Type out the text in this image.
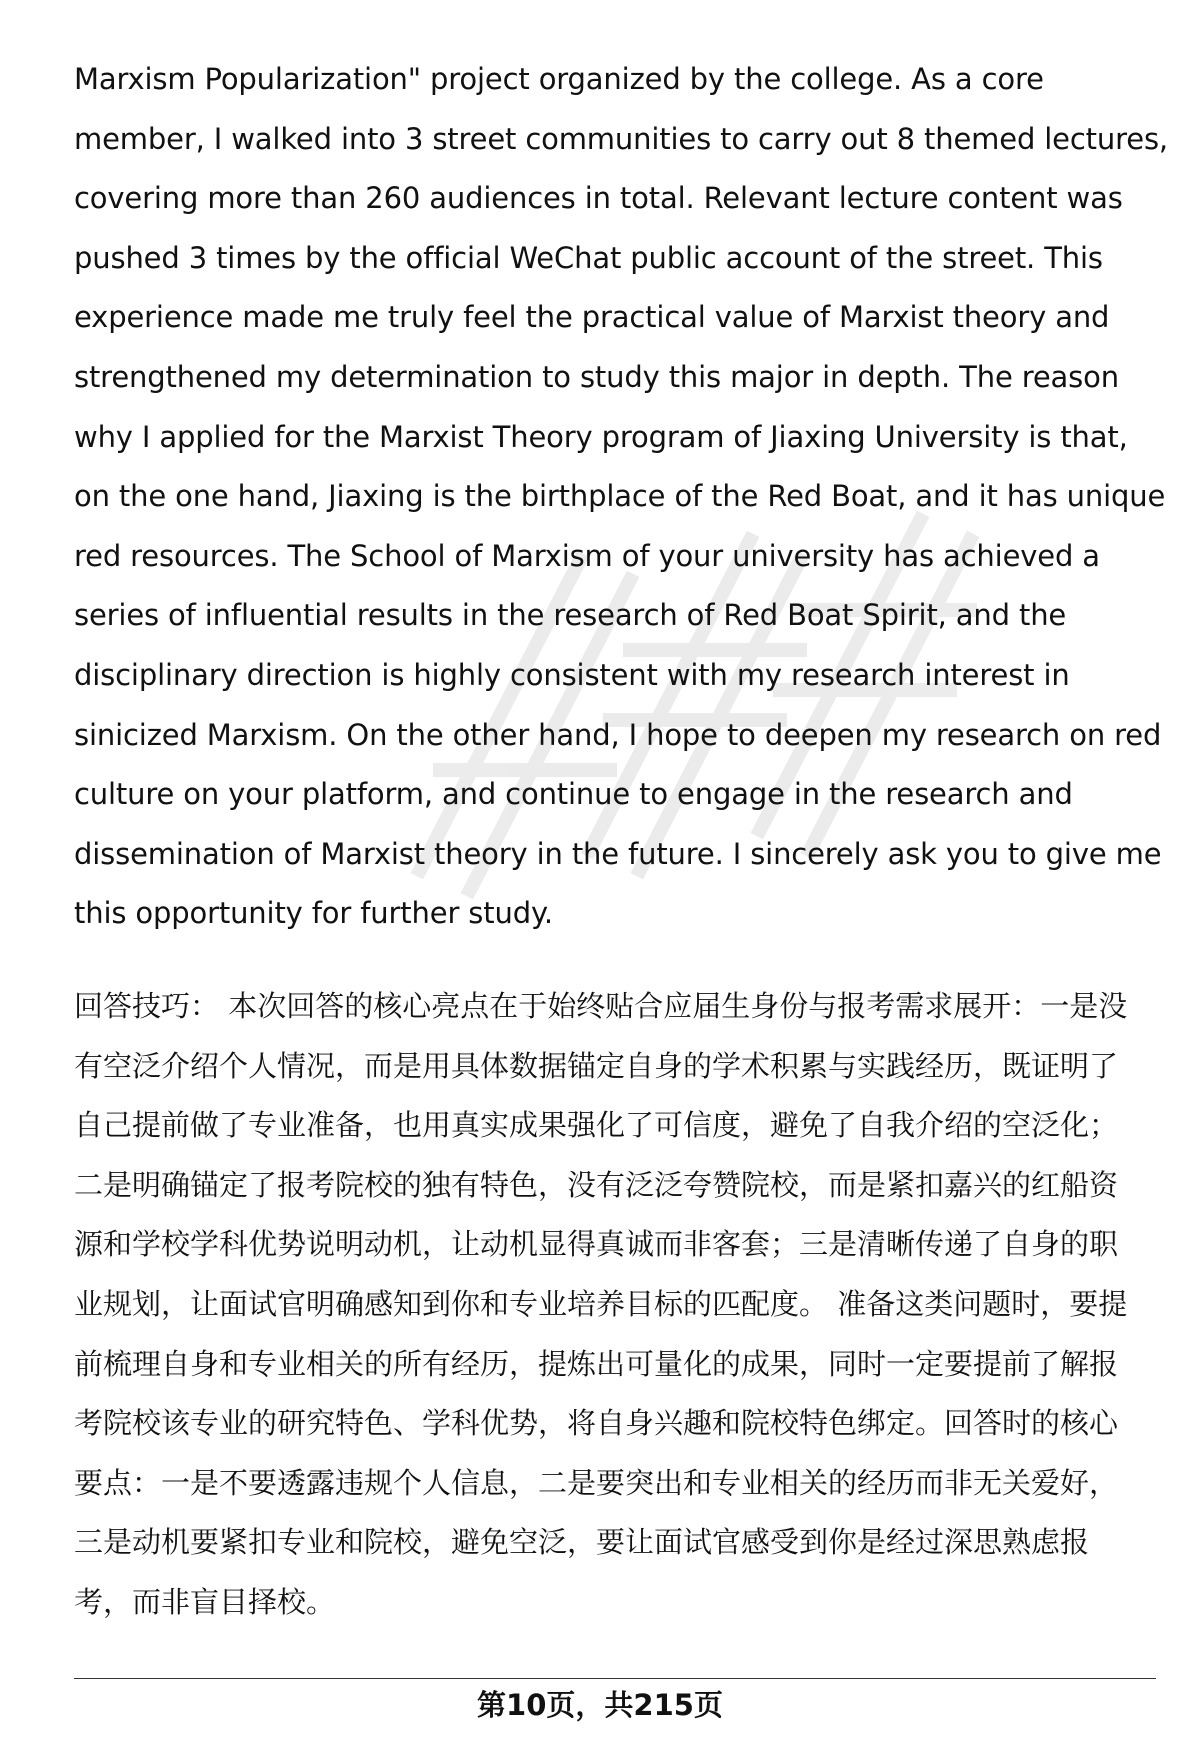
Marxism Popularization" project organized by the college. As a core
member, I walked into 3 street communities to carry out 8 themed lectures,
covering more than 260 audiences in total. Relevant lecture content was
pushed 3 times by the official WeChat public account of the street. This
experience made me truly feel the practical value of Marxist theory and
strengthened my determination to study this major in depth. The reason
why I applied for the Marxist Theory program of Jiaxing University is that,
on the one hand, Jiaxing is the birthplace of the Red Boat, and it has unique
red resources. The School of Marxism of your university has achieved a
series of influential results in the research of Red Boat Spirit, and the
disciplinary direction is highly consistent with my research interest in
sinicized Marxism. On the other hand, I hope to deepen my research on red
culture on your platform, and continue to engage in the research and
dissemination of Marxist theory in the future. I sincerely ask you to give me
this opportunity for further study.
回答技巧： 本次回答的核心亮点在于始终贴合应届生身份与报考需求展开：一是没
有空泛介绍个人情况，而是用具体数据锚定自身的学术积累与实践经历，既证明了
自己提前做了专业准备，也用真实成果强化了可信度，避免了自我介绍的空泛化；
二是明确锚定了报考院校的独有特色，没有泛泛夸赞院校，而是紧扣嘉兴的红船资
源和学校学科优势说明动机，让动机显得真诚而非客套；三是清晰传递了自身的职
业规划，让面试官明确感知到你和专业培养目标的匹配度。 准备这类问题时，要提
前梳理自身和专业相关的所有经历，提炼出可量化的成果，同时一定要提前了解报
考院校该专业的研究特色、学科优势，将自身兴趣和院校特色绑定。回答时的核心
要点：一是不要透露违规个人信息，二是要突出和专业相关的经历而非无关爱好，
三是动机要紧扣专业和院校，避免空泛，要让面试官感受到你是经过深思熟虑报
考，而非盲目择校。
第10页，共215页
